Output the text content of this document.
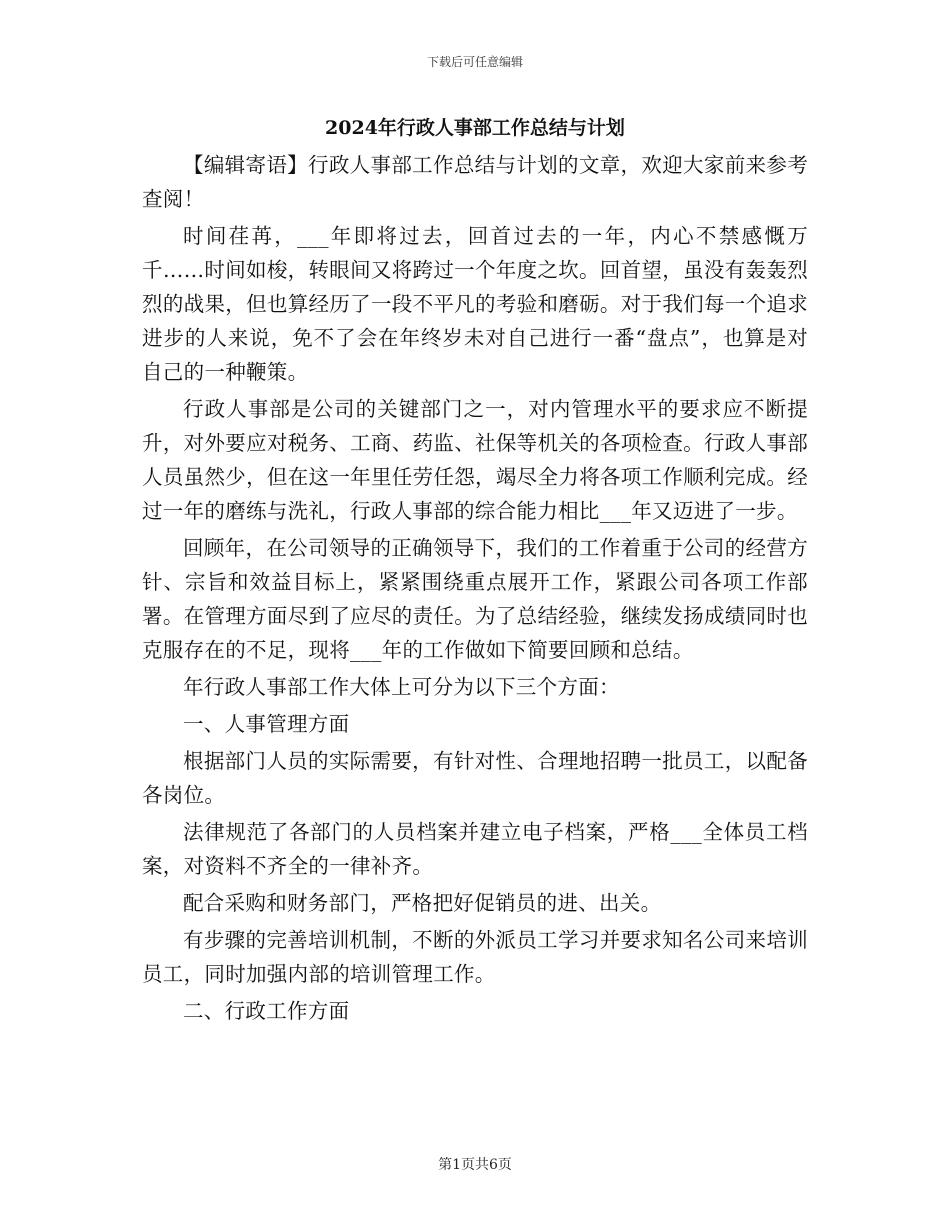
下载后可任意编辑
2024年行政人事部工作总结与计划

【编辑寄语】行政人事部工作总结与计划的文章，欢迎大家前来参考查阅！

时间荏苒，___年即将过去，回首过去的一年，内心不禁感慨万千……时间如梭，转眼间又将跨过一个年度之坎。回首望，虽没有轰轰烈烈的战果，但也算经历了一段不平凡的考验和磨砺。对于我们每一个追求进步的人来说，免不了会在年终岁未对自己进行一番“盘点”，也算是对自己的一种鞭策。

行政人事部是公司的关键部门之一，对内管理水平的要求应不断提升，对外要应对税务、工商、药监、社保等机关的各项检查。行政人事部人员虽然少，但在这一年里任劳任怨，竭尽全力将各项工作顺利完成。经过一年的磨练与洗礼，行政人事部的综合能力相比___年又迈进了一步。

回顾年，在公司领导的正确领导下，我们的工作着重于公司的经营方针、宗旨和效益目标上，紧紧围绕重点展开工作，紧跟公司各项工作部署。在管理方面尽到了应尽的责任。为了总结经验，继续发扬成绩同时也克服存在的不足，现将___年的工作做如下简要回顾和总结。

年行政人事部工作大体上可分为以下三个方面：

一、人事管理方面

根据部门人员的实际需要，有针对性、合理地招聘一批员工，以配备各岗位。

法律规范了各部门的人员档案并建立电子档案，严格___全体员工档案，对资料不齐全的一律补齐。

配合采购和财务部门，严格把好促销员的进、出关。

有步骤的完善培训机制，不断的外派员工学习并要求知名公司来培训员工，同时加强内部的培训管理工作。

二、行政工作方面

第1页共6页
